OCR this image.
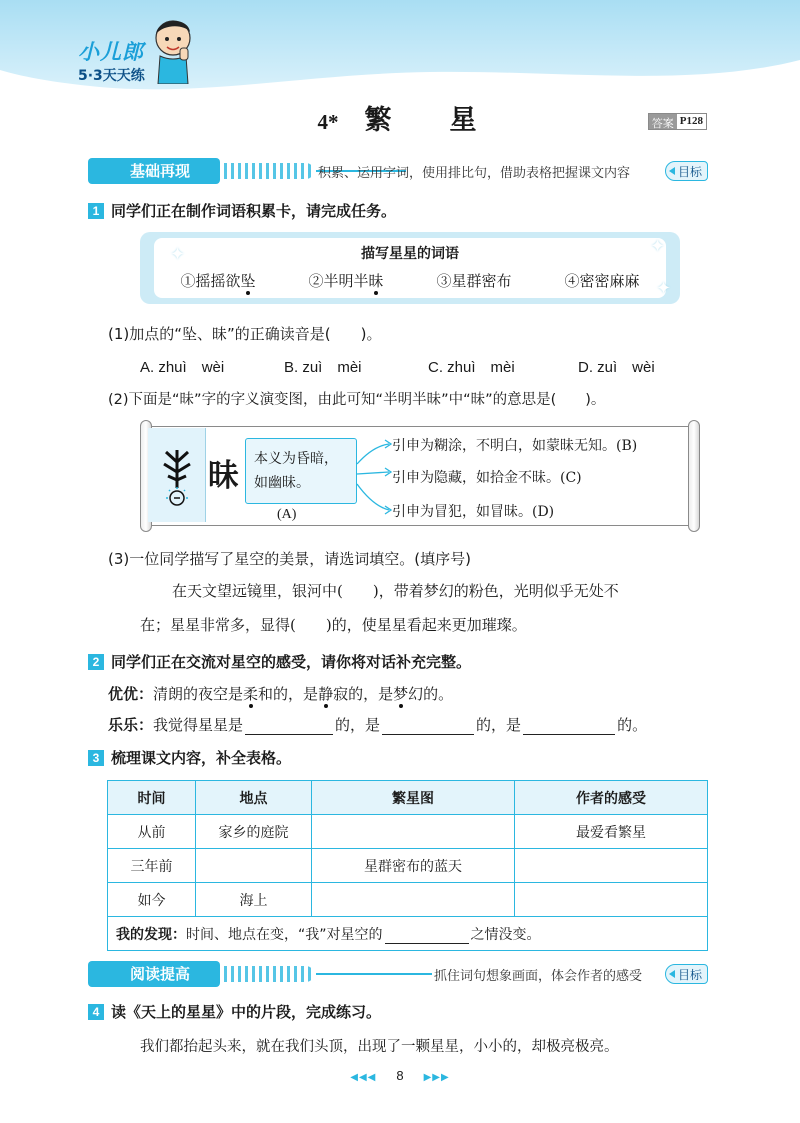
小儿郎
5·3天天练
4* 繁 星	答案 P128
基础再现	积累、运用字词，使用排比句，借助表格把握课文内容	目标
1 同学们正在制作词语积累卡，请完成任务。
✦	✦
✦
描写星星的词语
①摇摇欲坠	②半明半昧	③星群密布	④密密麻麻
(1)加点的“坠、昧”的正确读音是(　　)。
A. zhuì　wèi	B. zuì　mèi	C. zhuì　mèi	D. zuì　wèi
(2)下面是“昧”字的字义演变图，由此可知“半明半昧”中“昧”的意思是(　　)。
昧 本义为昏暗，
如幽昧。
(A)
引申为糊涂，不明白，如蒙昧无知。(B)
引申为隐藏，如拾金不昧。(C)
引申为冒犯，如冒昧。(D)
(3)一位同学描写了星空的美景，请选词填空。(填序号)
在天文望远镜里，银河中(　　)，带着梦幻的粉色，光明似乎无处不
在；星星非常多，显得(　　)的，使星星看起来更加璀璨。
2 同学们正在交流对星空的感受，请你将对话补充完整。
优优：清朗的夜空是柔和的，是静寂的，是梦幻的。
乐乐：我觉得星星是	的，是	的，是	的。
3 梳理课文内容，补全表格。
时间	地点	繁星图	作者的感受
从前	家乡的庭院		最爱看繁星
三年前		星群密布的蓝天	
如今	海上		
我的发现：时间、地点在变，“我”对星空的 之情没变。			
阅读提高	抓住词句想象画面，体会作者的感受	目标
4 读《天上的星星》中的片段，完成练习。
我们都抬起头来，就在我们头顶，出现了一颗星星，小小的，却极亮极亮。
◀◀◀ 8 ▶▶▶
